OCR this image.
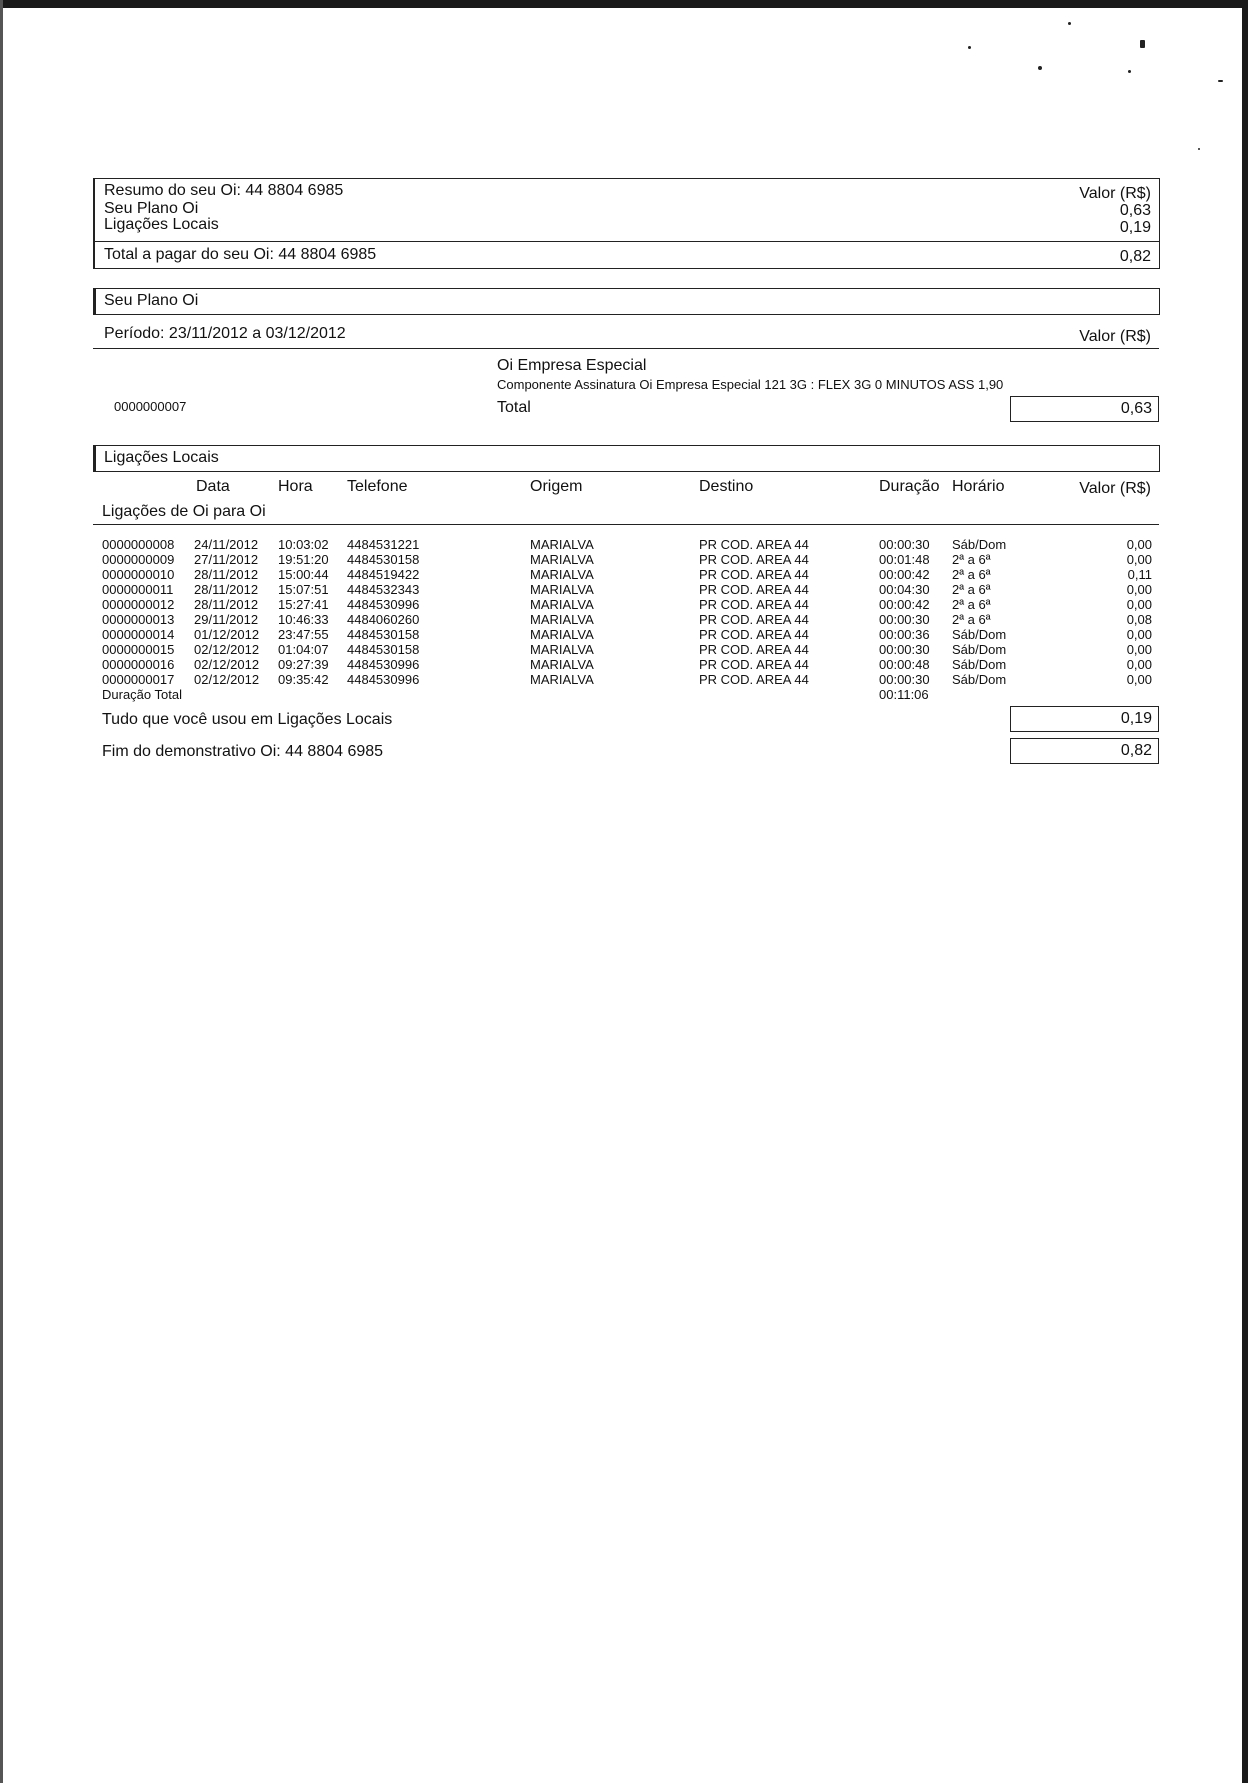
Resumo do seu Oi: 44 8804 6985	Valor (R$)
Seu Plano Oi	0,63
Ligações Locais	0,19
Total a pagar do seu Oi: 44 8804 6985	0,82
Seu Plano Oi
Período: 23/11/2012 a 03/12/2012	Valor (R$)
Oi Empresa Especial
Componente Assinatura Oi Empresa Especial 121 3G : FLEX 3G 0 MINUTOS ASS 1,90
0000000007	Total	0,63
Ligações Locais
Data	Hora Telefone	Origem	Destino	Duração Horário	Valor (R$)
Ligações de Oi para Oi
0000000008 24/11/2012 10:03:02 4484531221	MARIALVA	PR COD. AREA 44	00:00:30 Sáb/Dom	0,00
0000000009 27/11/2012 19:51:20 4484530158	MARIALVA	PR COD. AREA 44	00:01:48 2ª a 6ª	0,00
0000000010 28/11/2012 15:00:44 4484519422	MARIALVA	PR COD. AREA 44	00:00:42 2ª a 6ª	0,11
0000000011 28/11/2012 15:07:51 4484532343	MARIALVA	PR COD. AREA 44	00:04:30 2ª a 6ª	0,00
0000000012 28/11/2012 15:27:41 4484530996	MARIALVA	PR COD. AREA 44	00:00:42 2ª a 6ª	0,00
0000000013 29/11/2012 10:46:33 4484060260	MARIALVA	PR COD. AREA 44	00:00:30 2ª a 6ª	0,08
0000000014 01/12/2012 23:47:55 4484530158	MARIALVA	PR COD. AREA 44	00:00:36 Sáb/Dom	0,00
0000000015 02/12/2012 01:04:07 4484530158	MARIALVA	PR COD. AREA 44	00:00:30 Sáb/Dom	0,00
0000000016 02/12/2012 09:27:39 4484530996	MARIALVA	PR COD. AREA 44	00:00:48 Sáb/Dom	0,00
0000000017 02/12/2012 09:35:42 4484530996	MARIALVA	PR COD. AREA 44	00:00:30 Sáb/Dom	0,00
Duração Total	00:11:06
Tudo que você usou em Ligações Locais	0,19
Fim do demonstrativo Oi: 44 8804 6985	0,82
